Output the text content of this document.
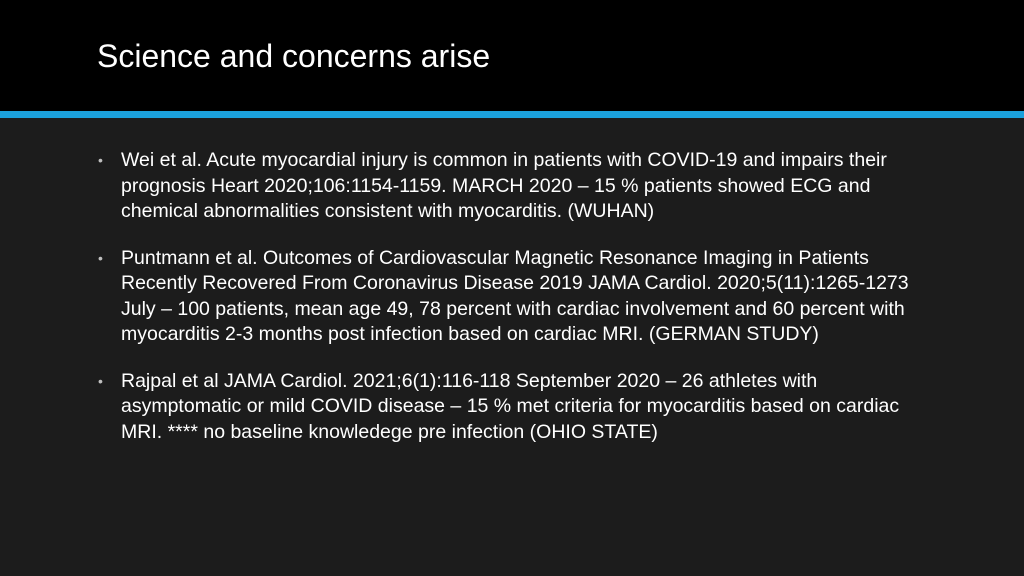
Science and concerns arise
• Wei et al. Acute myocardial injury is common in patients with COVID-19 and impairs their prognosis Heart 2020;106:1154-1159. MARCH 2020 – 15 % patients showed ECG and chemical abnormalities consistent with myocarditis. (WUHAN)
• Puntmann et al. Outcomes of Cardiovascular Magnetic Resonance Imaging in Patients Recently Recovered From Coronavirus Disease 2019 JAMA Cardiol. 2020;5(11):1265-1273 July – 100 patients, mean age 49, 78 percent with cardiac involvement and 60 percent with myocarditis 2-3 months post infection based on cardiac MRI. (GERMAN STUDY)
• Rajpal et al JAMA Cardiol. 2021;6(1):116-118 September 2020 – 26 athletes with asymptomatic or mild COVID disease – 15 % met criteria for myocarditis based on cardiac MRI. **** no baseline knowledege pre infection (OHIO STATE)
